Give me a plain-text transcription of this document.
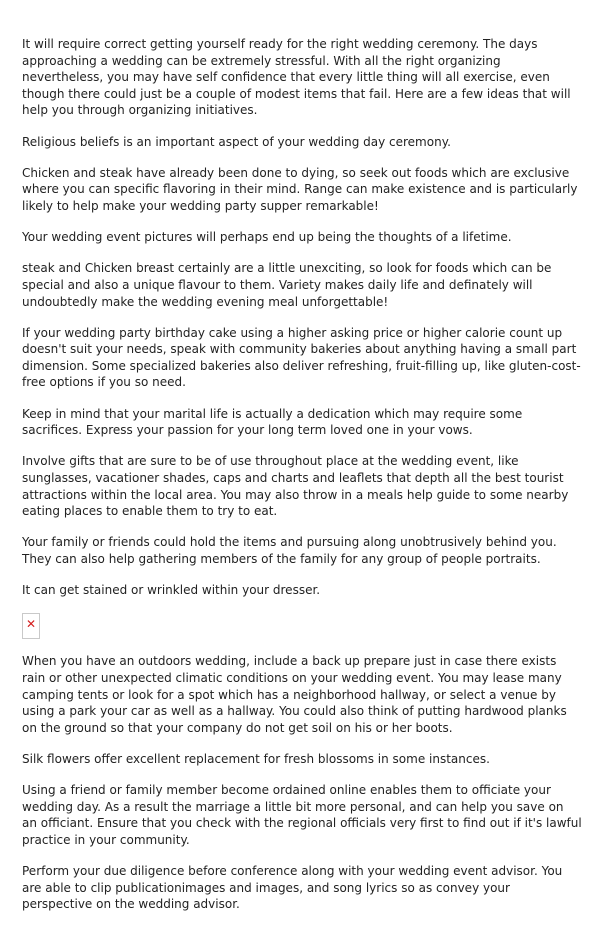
It will require correct getting yourself ready for the right wedding ceremony. The days approaching a wedding can be extremely stressful. With all the right organizing nevertheless, you may have self confidence that every little thing will all exercise, even though there could just be a couple of modest items that fail. Here are a few ideas that will help you through organizing initiatives.

Religious beliefs is an important aspect of your wedding day ceremony.

Chicken and steak have already been done to dying, so seek out foods which are exclusive where you can specific flavoring in their mind. Range can make existence and is particularly likely to help make your wedding party supper remarkable!

Your wedding event pictures will perhaps end up being the thoughts of a lifetime.

steak and Chicken breast certainly are a little unexciting, so look for foods which can be special and also a unique flavour to them. Variety makes daily life and definately will undoubtedly make the wedding evening meal unforgettable!

If your wedding party birthday cake using a higher asking price or higher calorie count up doesn't suit your needs, speak with community bakeries about anything having a small part dimension. Some specialized bakeries also deliver refreshing, fruit-filling up, like gluten-cost-free options if you so need.

Keep in mind that your marital life is actually a dedication which may require some sacrifices. Express your passion for your long term loved one in your vows.

Involve gifts that are sure to be of use throughout place at the wedding event, like sunglasses, vacationer shades, caps and charts and leaflets that depth all the best tourist attractions within the local area. You may also throw in a meals help guide to some nearby eating places to enable them to try to eat.

Your family or friends could hold the items and pursuing along unobtrusively behind you. They can also help gathering members of the family for any group of people portraits.

It can get stained or wrinkled within your dresser.

✕

When you have an outdoors wedding, include a back up prepare just in case there exists rain or other unexpected climatic conditions on your wedding event. You may lease many camping tents or look for a spot which has a neighborhood hallway, or select a venue by using a park your car as well as a hallway. You could also think of putting hardwood planks on the ground so that your company do not get soil on his or her boots.

Silk flowers offer excellent replacement for fresh blossoms in some instances.

Using a friend or family member become ordained online enables them to officiate your wedding day. As a result the marriage a little bit more personal, and can help you save on an officiant. Ensure that you check with the regional officials very first to find out if it's lawful practice in your community.

Perform your due diligence before conference along with your wedding event advisor. You are able to clip publicationimages and images, and song lyrics so as convey your perspective on the wedding advisor.
